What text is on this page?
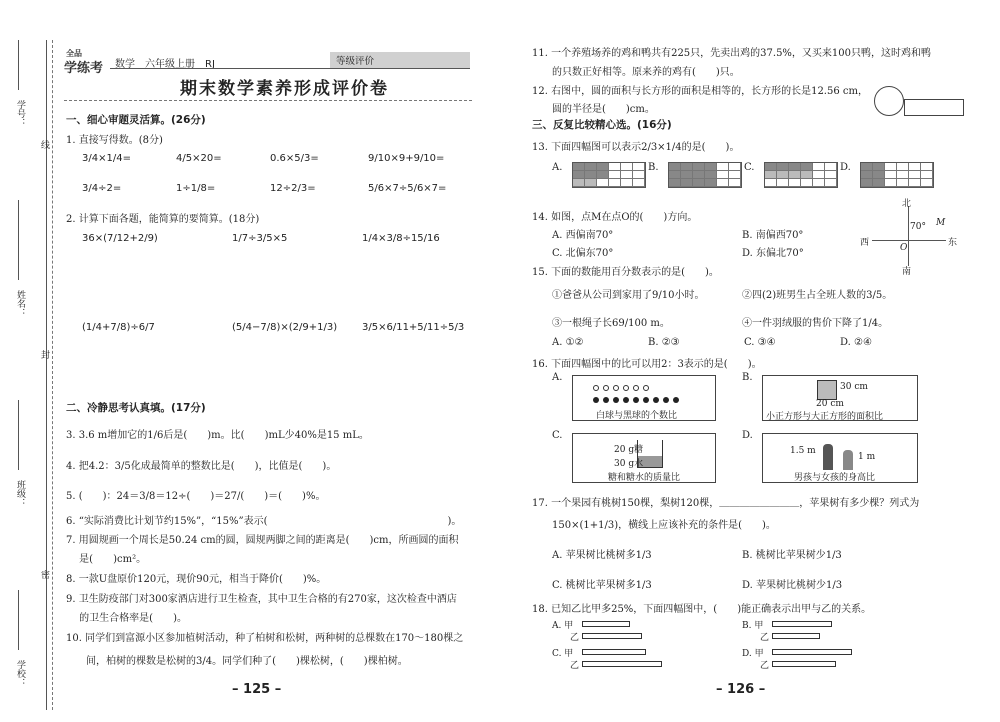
学号：
线
姓名：
封
班级：
密
学校：
全品
学练考 数学　六年级上册　RJ	等级评价
期末数学素养形成评价卷
一、细心审题灵活算。(26分)
1. 直接写得数。(8分)
3/4×1/4=	4/5×20=	0.6×5/3=	9/10×9+9/10=
3/4÷2=	1÷1/8=	12÷2/3=	5/6×7÷5/6×7=
2. 计算下面各题，能简算的要简算。(18分)
36×(7/12+2/9)	1/7÷3/5×5	1/4×3/8÷15/16
(1/4+7/8)÷6/7	(5/4−7/8)×(2/9+1/3) 3/5×6/11+5/11÷5/3
二、冷静思考认真填。(17分)
3. 3.6 m增加它的1/6后是(　　)m。比(　　)mL少40%是15 mL。
4. 把4.2：3/5化成最简单的整数比是(　　)，比值是(　　)。
5. (　　)：24＝3/8＝12÷(　　)＝27/(　　)＝(　　)%。
6. “实际消费比计划节约15%”，“15%”表示(　　　　　　　　　　　　　　　　　　)。
7. 用圆规画一个周长是50.24 cm的圆，圆规两脚之间的距离是(　　)cm，所画圆的面积
　 是(　　)cm²。
8. 一款U盘原价120元，现价90元，相当于降价(　　)%。
9. 卫生防疫部门对300家酒店进行卫生检查，其中卫生合格的有270家，这次检查中酒店
　 的卫生合格率是(　　)。
10. 同学们到富源小区参加植树活动，种了柏树和松树，两种树的总棵数在170～180棵之
　　间，柏树的棵数是松树的3/4。同学们种了(　　)棵松树，(　　)棵柏树。
– 125 –
11. 一个养殖场养的鸡和鸭共有225只，先卖出鸡的37.5%，又买来100只鸭，这时鸡和鸭
　　的只数正好相等。原来养的鸡有(　　)只。
12. 右图中，圆的面积与长方形的面积是相等的，长方形的长是12.56 cm，
　　圆的半径是(　　)cm。
三、反复比较精心选。(16分)
13. 下面四幅图可以表示2/3×1/4的是(　　)。
A.	B.	C.	D.
14. 如图，点M在点O的(　　)方向。
A. 西偏南70°	B. 南偏西70°
C. 北偏东70°	D. 东偏北70°
北
南
东
西
70° M
O
15. 下面的数能用百分数表示的是(　　)。
①爸爸从公司到家用了9/10小时。	②四(2)班男生占全班人数的3/5。
③一根绳子长69/100 m。	④一件羽绒服的售价下降了1/4。
A. ①②	B. ②③	C. ③④	D. ②④
16. 下面四幅图中的比可以用2：3表示的是(　　)。
A.	B.
白球与黑球的个数比
30 cm
20 cm
小正方形与大正方形的面积比
C.	D.
20 g糖
30 g水
糖和糖水的质量比
1.5 m
1 m
男孩与女孩的身高比
17. 一个果园有桃树150棵，梨树120棵，＿＿＿＿＿＿＿＿，苹果树有多少棵？列式为
　　150×(1+1/3)，横线上应该补充的条件是(　　)。
A. 苹果树比桃树多1/3	B. 桃树比苹果树少1/3
C. 桃树比苹果树多1/3	D. 苹果树比桃树少1/3
18. 已知乙比甲多25%，下面四幅图中，(　　)能正确表示出甲与乙的关系。
A. 甲
乙
B. 甲
乙
C. 甲
乙
D. 甲
乙
– 126 –
